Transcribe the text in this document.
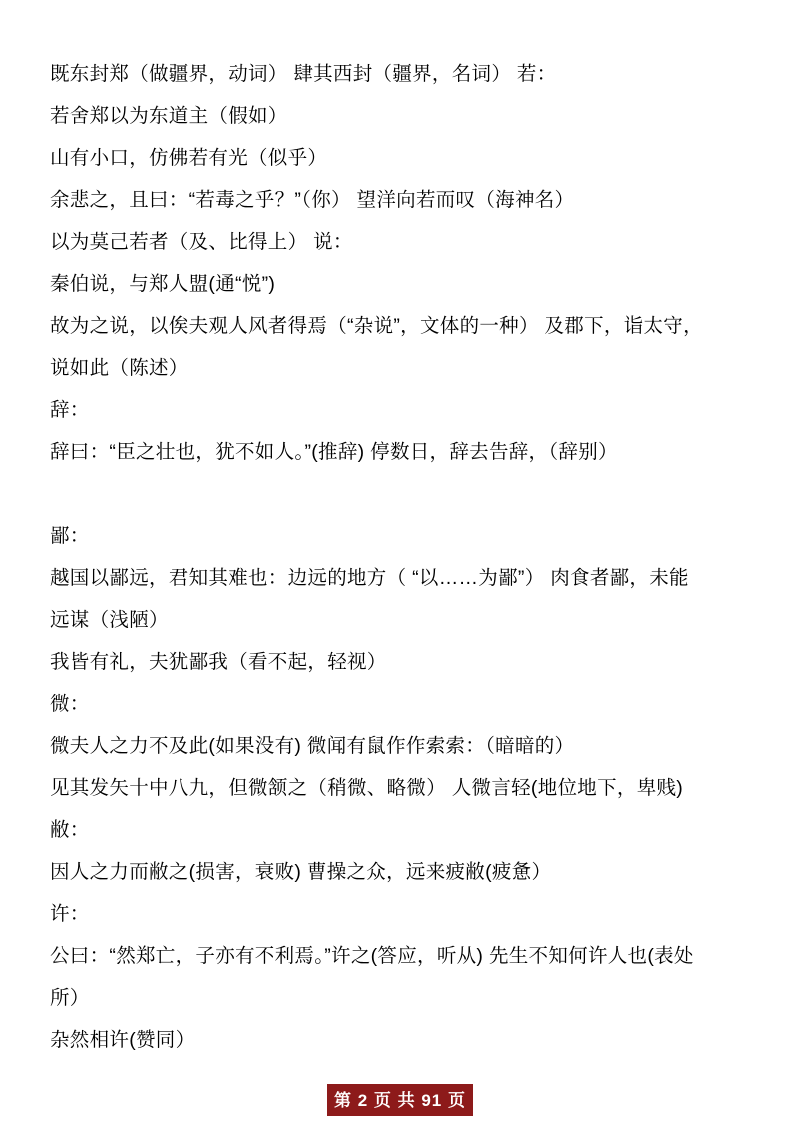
既东封郑（做疆界，动词） 肆其西封（疆界，名词） 若：
若舍郑以为东道主（假如）
山有小口，仿佛若有光（似乎）
余悲之，且曰：“若毒之乎？”（你） 望洋向若而叹（海神名）
以为莫己若者（及、比得上） 说：
秦伯说，与郑人盟(通“悦”)
故为之说，以俟夫观人风者得焉（“杂说”，文体的一种） 及郡下，诣太守，
说如此（陈述）
辞：
辞曰：“臣之壮也，犹不如人。”(推辞) 停数日，辞去告辞，（辞别）
鄙：
越国以鄙远，君知其难也：边远的地方（ “以……为鄙”） 肉食者鄙，未能
远谋（浅陋）
我皆有礼，夫犹鄙我（看不起，轻视）
微：
微夫人之力不及此(如果没有) 微闻有鼠作作索索：（暗暗的）
见其发矢十中八九，但微颔之（稍微、略微） 人微言轻(地位地下，卑贱)
敝：
因人之力而敝之(损害，衰败) 曹操之众，远来疲敝(疲惫）
许：
公曰：“然郑亡，子亦有不利焉。”许之(答应，听从) 先生不知何许人也(表处
所）
杂然相许(赞同）
第 2 页 共 91 页
